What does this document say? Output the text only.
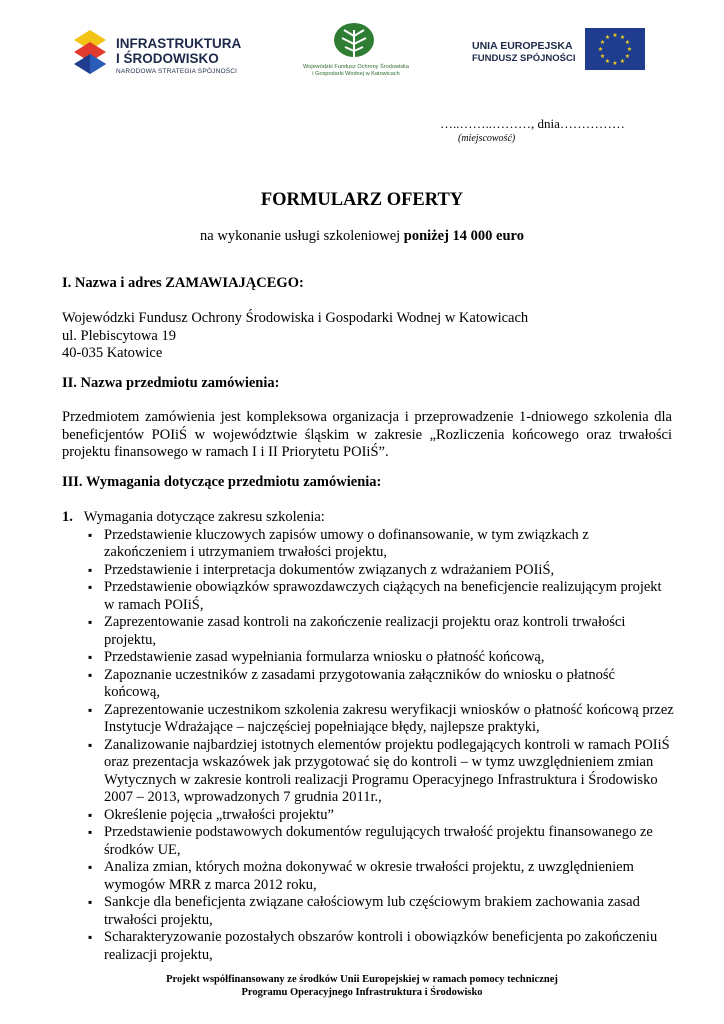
INFRASTRUKTURA
I ŚRODOWISKO
NARODOWA STRATEGIA SPÓJNOŚCI
Wojewódzki Fundusz Ochrony Środowiska
i Gospodarki Wodnej w Katowicach
UNIA EUROPEJSKA
FUNDUSZ SPÓJNOŚCI
★ ★
★
★
★
★
★
★
★
★
★
★
…..……..………, dnia……………
(miejscowość)
FORMULARZ OFERTY
na wykonanie usługi szkoleniowej poniżej 14 000 euro
I. Nazwa i adres ZAMAWIAJĄCEGO:
Wojewódzki Fundusz Ochrony Środowiska i Gospodarki Wodnej w Katowicach
ul. Plebiscytowa 19
40-035 Katowice
II. Nazwa przedmiotu zamówienia:
Przedmiotem zamówienia jest kompleksowa organizacja i przeprowadzenie 1-dniowego szkolenia dla beneficjentów POIiŚ w województwie śląskim w zakresie „Rozliczenia końcowego oraz trwałości projektu finansowego w ramach I i II Priorytetu POIiŚ”.
III. Wymagania dotyczące przedmiotu zamówienia:
1. Wymagania dotyczące zakresu szkolenia:
▪ Przedstawienie kluczowych zapisów umowy o dofinansowanie, w tym związkach z zakończeniem i utrzymaniem trwałości projektu,
▪ Przedstawienie i interpretacja dokumentów związanych z wdrażaniem POIiŚ,
▪ Przedstawienie obowiązków sprawozdawczych ciążących na beneficjencie realizującym projekt w ramach POIiŚ,
▪ Zaprezentowanie zasad kontroli na zakończenie realizacji projektu oraz kontroli trwałości projektu,
▪ Przedstawienie zasad wypełniania formularza wniosku o płatność końcową,
▪ Zapoznanie uczestników z zasadami przygotowania załączników do wniosku o płatność końcową,
▪ Zaprezentowanie uczestnikom szkolenia zakresu weryfikacji wniosków o płatność końcową przez Instytucje Wdrażające – najczęściej popełniające błędy, najlepsze praktyki,
▪ Zanalizowanie najbardziej istotnych elementów projektu podlegających kontroli w ramach POIiŚ oraz prezentacja wskazówek jak przygotować się do kontroli – w tymz uwzględnieniem zmian Wytycznych w zakresie kontroli realizacji Programu Operacyjnego Infrastruktura i Środowisko 2007 – 2013, wprowadzonych 7 grudnia 2011r.,
▪ Określenie pojęcia „trwałości projektu”
▪ Przedstawienie podstawowych dokumentów regulujących trwałość projektu finansowanego ze środków UE,
▪ Analiza zmian, których można dokonywać w okresie trwałości projektu, z uwzględnieniem wymogów MRR z marca 2012 roku,
▪ Sankcje dla beneficjenta związane całościowym lub częściowym brakiem zachowania zasad trwałości projektu,
▪ Scharakteryzowanie pozostałych obszarów kontroli i obowiązków beneficjenta po zakończeniu realizacji projektu,
Projekt współfinansowany ze środków Unii Europejskiej w ramach pomocy technicznej
Programu Operacyjnego Infrastruktura i Środowisko
